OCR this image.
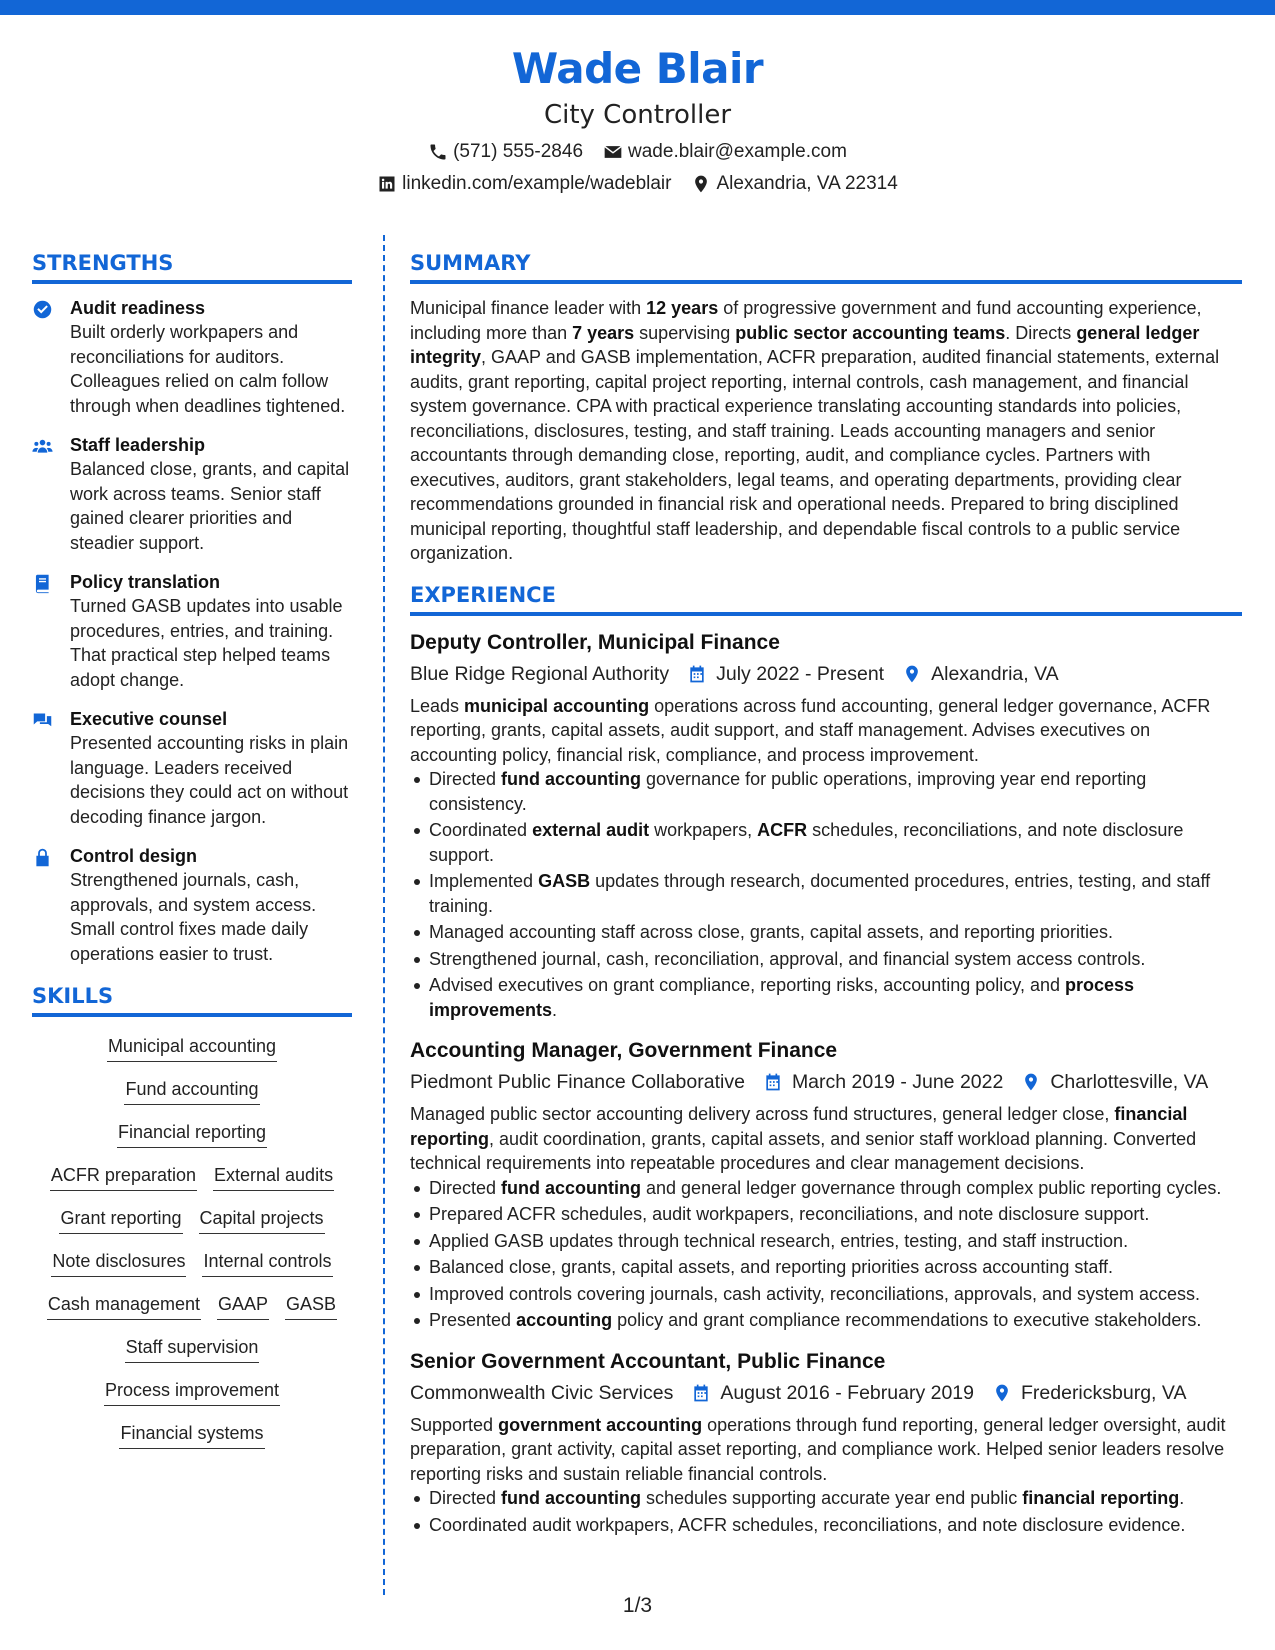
Wade Blair
City Controller
(571) 555-2846 wade.blair@example.com
linkedin.com/example/wadeblair Alexandria, VA 22314
STRENGTHS
Audit readiness
Built orderly workpapers and reconciliations for auditors. Colleagues relied on calm follow through when deadlines tightened.
Staff leadership
Balanced close, grants, and capital work across teams. Senior staff gained clearer priorities and steadier support.
Policy translation
Turned GASB updates into usable procedures, entries, and training. That practical step helped teams adopt change.
Executive counsel
Presented accounting risks in plain language. Leaders received decisions they could act on without decoding finance jargon.
Control design
Strengthened journals, cash, approvals, and system access. Small control fixes made daily operations easier to trust.
SKILLS
Municipal accounting
Fund accounting
Financial reporting
ACFR preparation External audits
Grant reporting Capital projects
Note disclosures Internal controls
Cash management GAAP GASB
Staff supervision
Process improvement
Financial systems
SUMMARY

Municipal finance leader with 12 years of progressive government and fund accounting experience, including more than 7 years supervising public sector accounting teams. Directs general ledger integrity, GAAP and GASB implementation, ACFR preparation, audited financial statements, external audits, grant reporting, capital project reporting, internal controls, cash management, and financial system governance. CPA with practical experience translating accounting standards into policies, reconciliations, disclosures, testing, and staff training. Leads accounting managers and senior accountants through demanding close, reporting, audit, and compliance cycles. Partners with executives, auditors, grant stakeholders, legal teams, and operating departments, providing clear recommendations grounded in financial risk and operational needs. Prepared to bring disciplined municipal reporting, thoughtful staff leadership, and dependable fiscal controls to a public service organization.

EXPERIENCE
Deputy Controller, Municipal Finance
Blue Ridge Regional Authority July 2022 - Present Alexandria, VA

Leads municipal accounting operations across fund accounting, general ledger governance, ACFR reporting, grants, capital assets, audit support, and staff management. Advises executives on accounting policy, financial risk, compliance, and process improvement.

Directed fund accounting governance for public operations, improving year end reporting consistency.
Coordinated external audit workpapers, ACFR schedules, reconciliations, and note disclosure support.
Implemented GASB updates through research, documented procedures, entries, testing, and staff training.
Managed accounting staff across close, grants, capital assets, and reporting priorities.
Strengthened journal, cash, reconciliation, approval, and financial system access controls.
Advised executives on grant compliance, reporting risks, accounting policy, and process improvements.
Accounting Manager, Government Finance
Piedmont Public Finance Collaborative March 2019 - June 2022 Charlottesville, VA

Managed public sector accounting delivery across fund structures, general ledger close, financial reporting, audit coordination, grants, capital assets, and senior staff workload planning. Converted technical requirements into repeatable procedures and clear management decisions.

Directed fund accounting and general ledger governance through complex public reporting cycles.
Prepared ACFR schedules, audit workpapers, reconciliations, and note disclosure support.
Applied GASB updates through technical research, entries, testing, and staff instruction.
Balanced close, grants, capital assets, and reporting priorities across accounting staff.
Improved controls covering journals, cash activity, reconciliations, approvals, and system access.
Presented accounting policy and grant compliance recommendations to executive stakeholders.
Senior Government Accountant, Public Finance
Commonwealth Civic Services August 2016 - February 2019 Fredericksburg, VA

Supported government accounting operations through fund reporting, general ledger oversight, audit preparation, grant activity, capital asset reporting, and compliance work. Helped senior leaders resolve reporting risks and sustain reliable financial controls.

Directed fund accounting schedules supporting accurate year end public financial reporting.
Coordinated audit workpapers, ACFR schedules, reconciliations, and note disclosure evidence.
1/3
